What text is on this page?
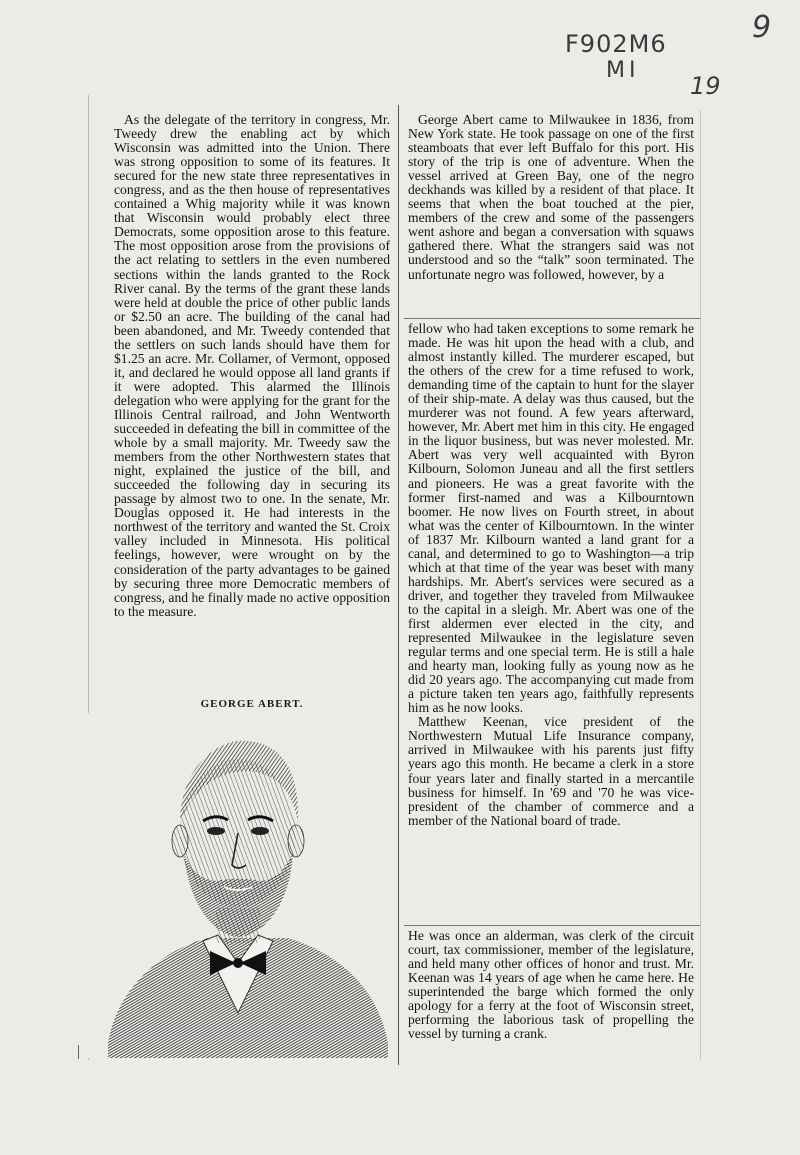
F902M6
MI
9
19

As the delegate of the territory in congress, Mr. Tweedy drew the enabling act by which Wisconsin was admitted into the Union. There was strong opposition to some of its features. It secured for the new state three representatives in congress, and as the then house of representatives contained a Whig majority while it was known that Wisconsin would probably elect three Democrats, some opposition arose to this feature. The most opposition arose from the provisions of the act relating to settlers in the even numbered sections within the lands granted to the Rock River canal. By the terms of the grant these lands were held at double the price of other public lands or $2.50 an acre. The building of the canal had been abandoned, and Mr. Tweedy contended that the settlers on such lands should have them for $1.25 an acre. Mr. Collamer, of Vermont, opposed it, and declared he would oppose all land grants if it were adopted. This alarmed the Illinois delegation who were applying for the grant for the Illinois Central railroad, and John Wentworth succeeded in defeating the bill in committee of the whole by a small majority. Mr. Tweedy saw the members from the other Northwestern states that night, explained the justice of the bill, and succeeded the following day in securing its passage by almost two to one. In the senate, Mr. Douglas opposed it. He had interests in the northwest of the territory and wanted the St. Croix valley included in Minnesota. His political feelings, however, were wrought on by the consideration of the party advantages to be gained by securing three more Democratic members of congress, and he finally made no active opposition to the measure.

GEORGE ABERT.

George Abert came to Milwaukee in 1836, from New York state. He took passage on one of the first steamboats that ever left Buffalo for this port. His story of the trip is one of adventure. When the vessel arrived at Green Bay, one of the negro deckhands was killed by a resident of that place. It seems that when the boat touched at the pier, members of the crew and some of the passengers went ashore and began a conversation with squaws gathered there. What the strangers said was not understood and so the “talk” soon terminated. The unfortunate negro was followed, however, by a

fellow who had taken exceptions to some remark he made. He was hit upon the head with a club, and almost instantly killed. The murderer escaped, but the others of the crew for a time refused to work, demanding time of the captain to hunt for the slayer of their ship-mate. A delay was thus caused, but the murderer was not found. A few years afterward, however, Mr. Abert met him in this city. He engaged in the liquor business, but was never molested. Mr. Abert was very well acquainted with Byron Kilbourn, Solomon Juneau and all the first settlers and pioneers. He was a great favorite with the former first-named and was a Kilbourntown boomer. He now lives on Fourth street, in about what was the center of Kilbourntown. In the winter of 1837 Mr. Kilbourn wanted a land grant for a canal, and determined to go to Washington—a trip which at that time of the year was beset with many hardships. Mr. Abert's services were secured as a driver, and together they traveled from Milwaukee to the capital in a sleigh. Mr. Abert was one of the first aldermen ever elected in the city, and represented Milwaukee in the legislature seven regular terms and one special term. He is still a hale and hearty man, looking fully as young now as he did 20 years ago. The accompanying cut made from a picture taken ten years ago, faithfully represents him as he now looks.

Matthew Keenan, vice president of the Northwestern Mutual Life Insurance company, arrived in Milwaukee with his parents just fifty years ago this month. He became a clerk in a store four years later and finally started in a mercantile business for himself. In '69 and '70 he was vice-president of the chamber of commerce and a member of the National board of trade.

He was once an alderman, was clerk of the circuit court, tax commissioner, member of the legislature, and held many other offices of honor and trust. Mr. Keenan was 14 years of age when he came here. He superintended the barge which formed the only apology for a ferry at the foot of Wisconsin street, performing the laborious task of propelling the vessel by turning a crank.
